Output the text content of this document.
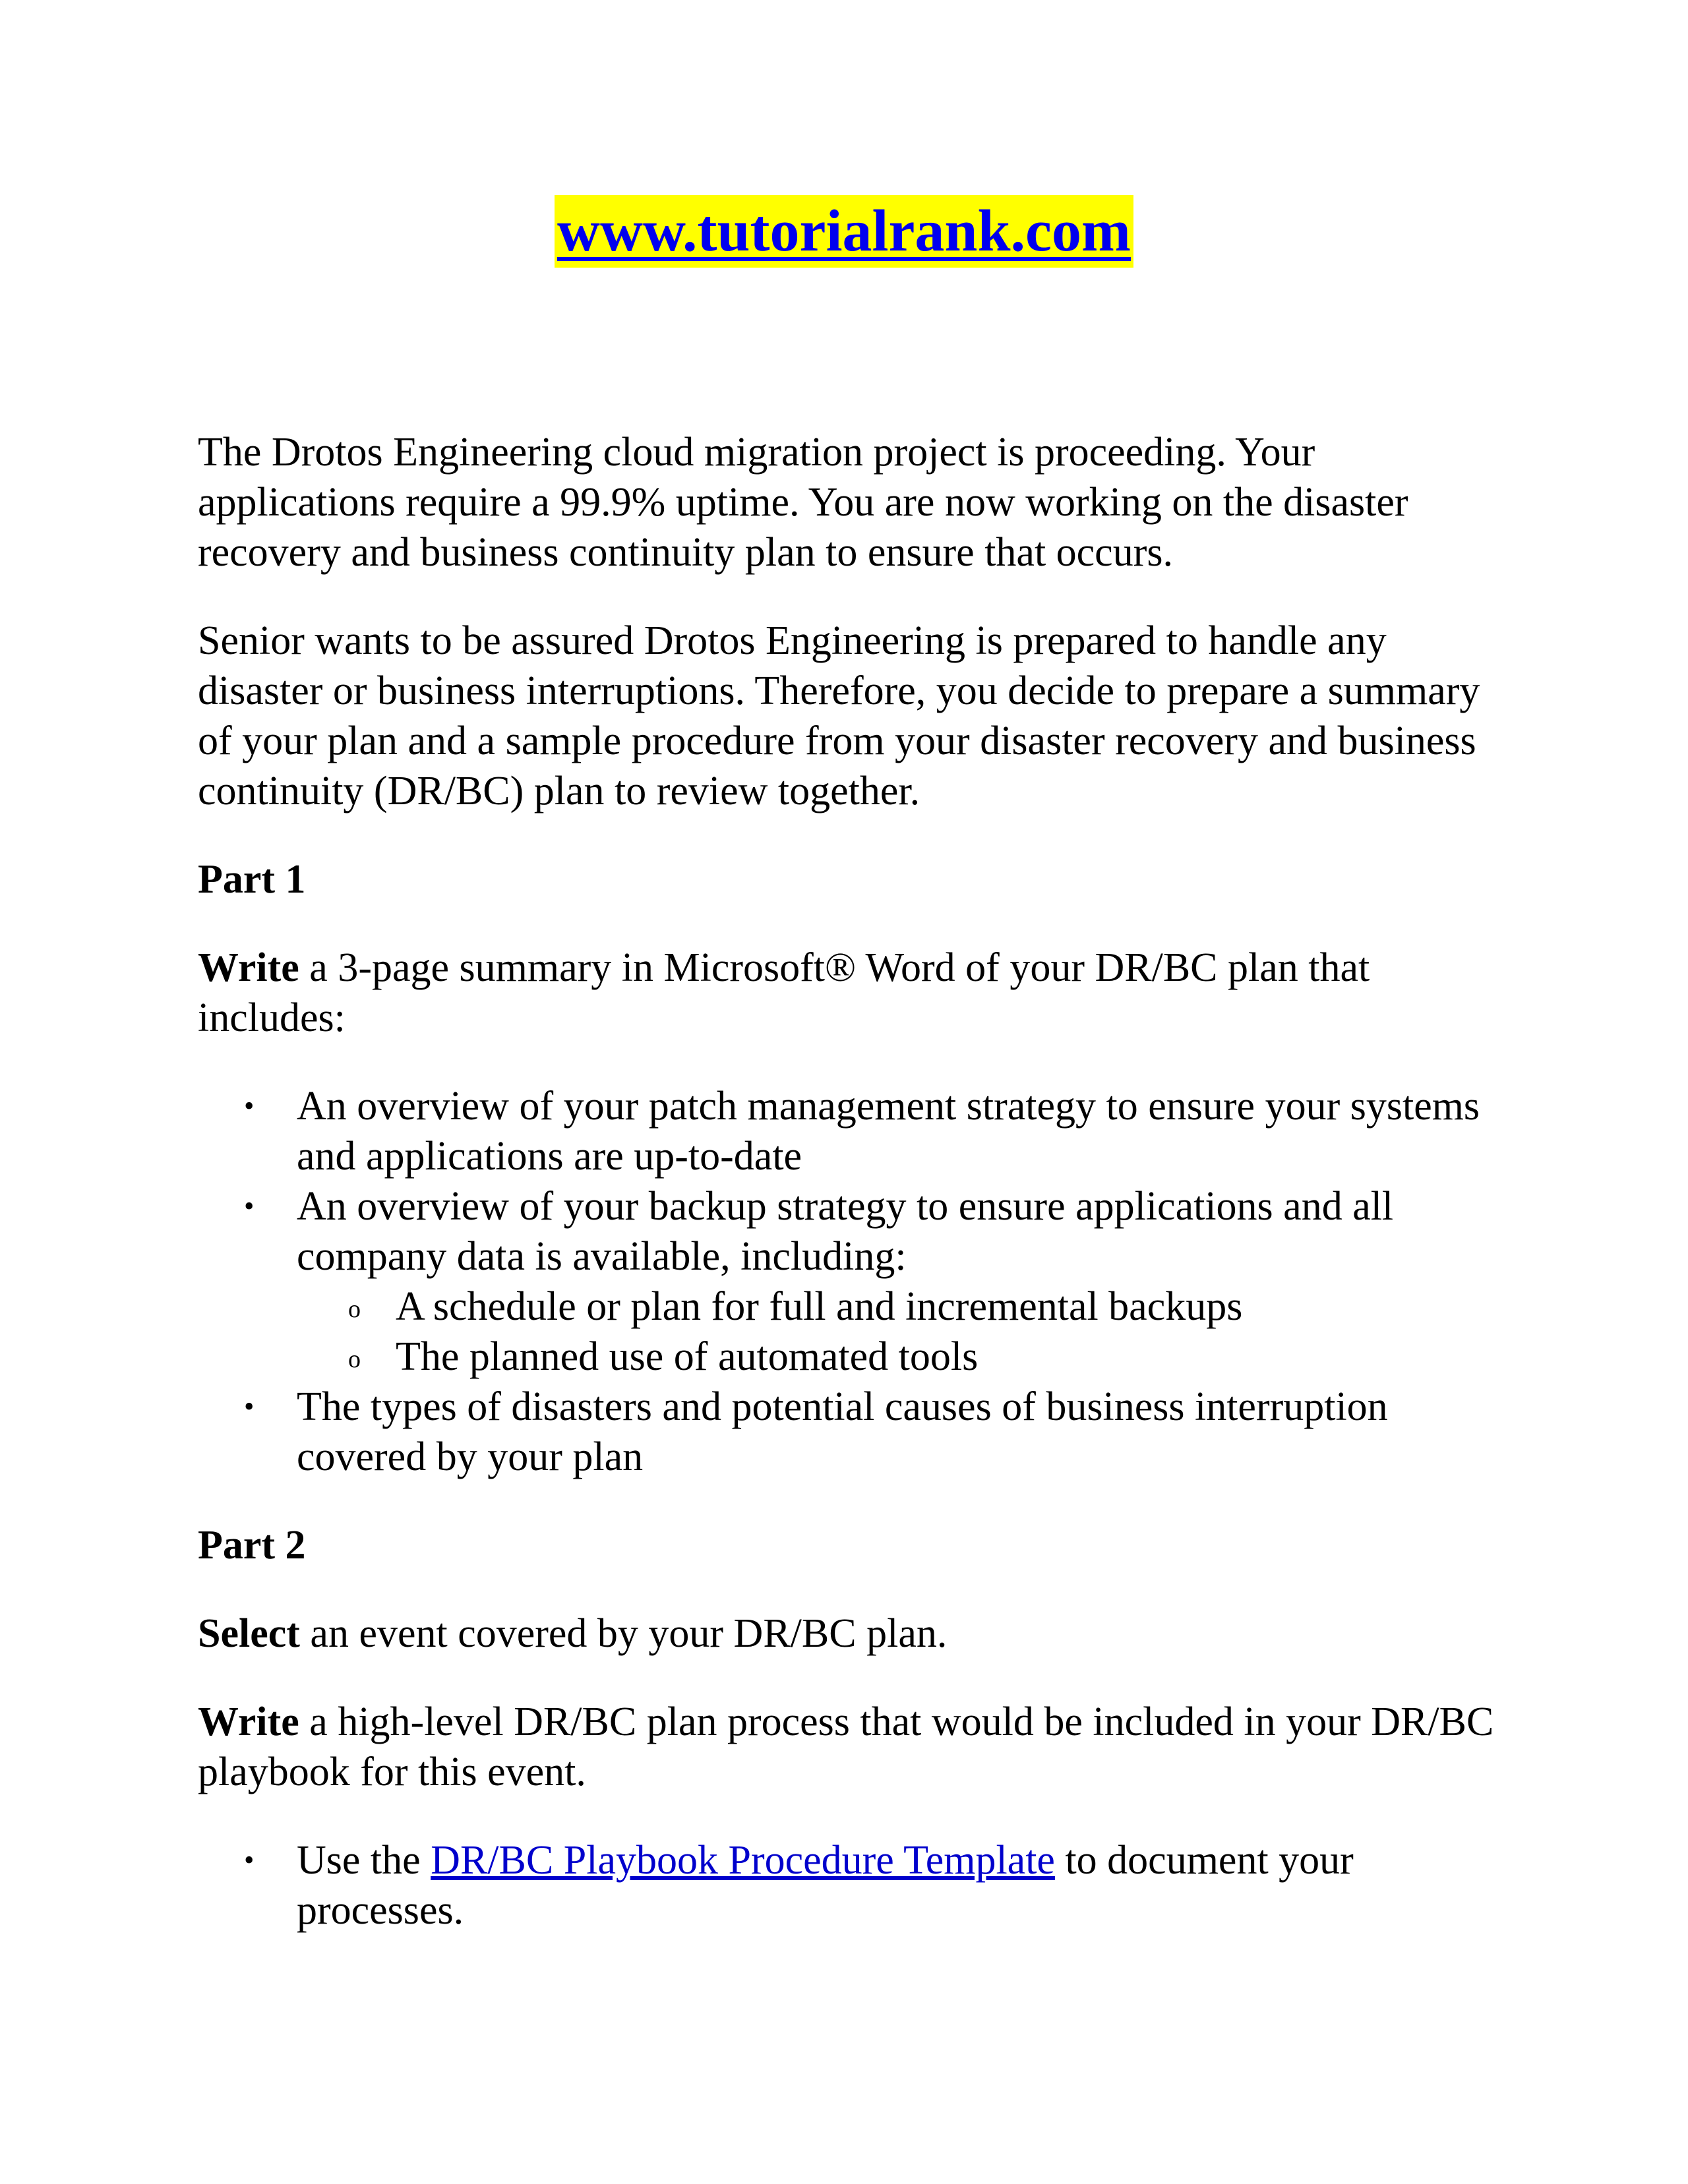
www.tutorialrank.com

The Drotos Engineering cloud migration project is proceeding. Your applications require a 99.9% uptime. You are now working on the disaster recovery and business continuity plan to ensure that occurs.

Senior wants to be assured Drotos Engineering is prepared to handle any disaster or business interruptions. Therefore, you decide to prepare a summary of your plan and a sample procedure from your disaster recovery and business continuity (DR/BC) plan to review together.

Part 1

Write a 3-page summary in Microsoft® Word of your DR/BC plan that includes:

• An overview of your patch management strategy to ensure your systems and applications are up-to-date
• An overview of your backup strategy to ensure applications and all company data is available, including:
o A schedule or plan for full and incremental backups
o The planned use of automated tools
• The types of disasters and potential causes of business interruption covered by your plan

Part 2

Select an event covered by your DR/BC plan.

Write a high-level DR/BC plan process that would be included in your DR/BC playbook for this event.

• Use the DR/BC Playbook Procedure Template to document your processes.
